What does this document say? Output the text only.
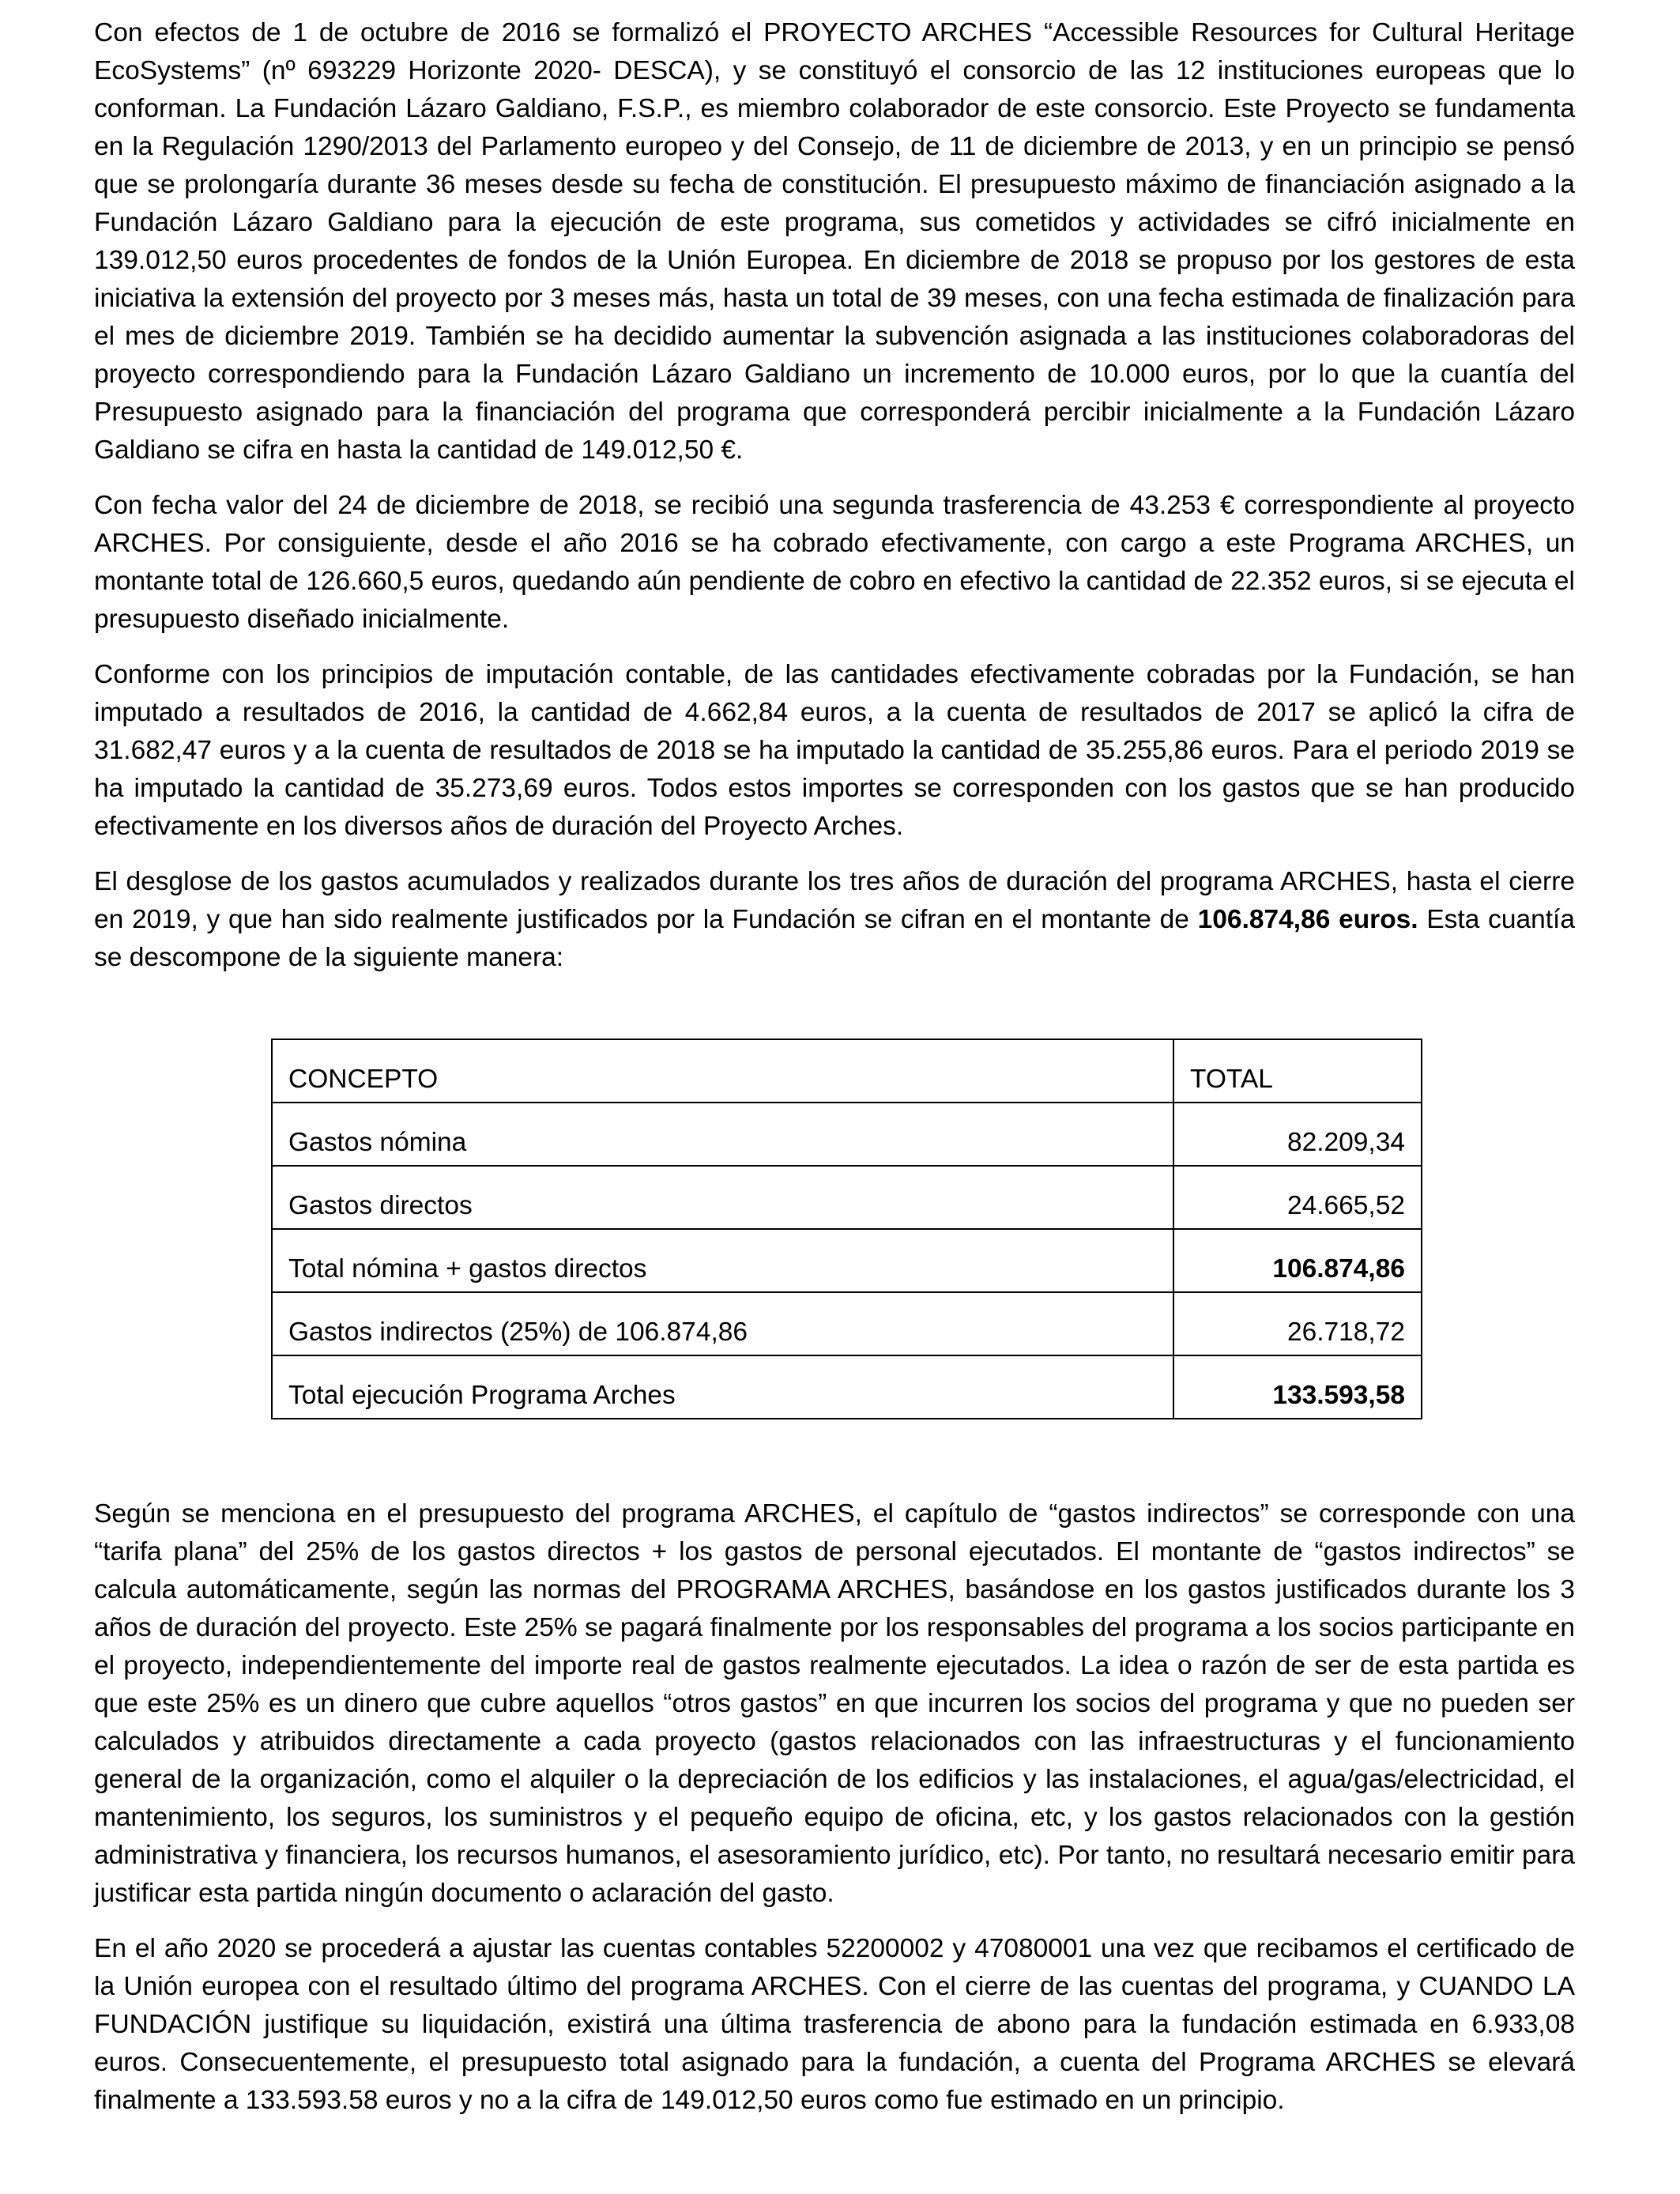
Con efectos de 1 de octubre de 2016 se formalizó el PROYECTO ARCHES “Accessible Resources for Cultural Heritage EcoSystems” (nº 693229 Horizonte 2020- DESCA), y se constituyó el consorcio de las 12 instituciones europeas que lo conforman. La Fundación Lázaro Galdiano, F.S.P., es miembro colaborador de este consorcio. Este Proyecto se fundamenta en la Regulación 1290/2013 del Parlamento europeo y del Consejo, de 11 de diciembre de 2013, y en un principio se pensó que se prolongaría durante 36 meses desde su fecha de constitución. El presupuesto máximo de financiación asignado a la Fundación Lázaro Galdiano para la ejecución de este programa, sus cometidos y actividades se cifró inicialmente en 139.012,50 euros procedentes de fondos de la Unión Europea. En diciembre de 2018 se propuso por los gestores de esta iniciativa la extensión del proyecto por 3 meses más, hasta un total de 39 meses, con una fecha estimada de finalización para el mes de diciembre 2019. También se ha decidido aumentar la subvención asignada a las instituciones colaboradoras del proyecto correspondiendo para la Fundación Lázaro Galdiano un incremento de 10.000 euros, por lo que la cuantía del Presupuesto asignado para la financiación del programa que corresponderá percibir inicialmente a la Fundación Lázaro Galdiano se cifra en hasta la cantidad de 149.012,50 €.

Con fecha valor del 24 de diciembre de 2018, se recibió una segunda trasferencia de 43.253 € correspondiente al proyecto ARCHES. Por consiguiente, desde el año 2016 se ha cobrado efectivamente, con cargo a este Programa ARCHES, un montante total de 126.660,5 euros, quedando aún pendiente de cobro en efectivo la cantidad de 22.352 euros, si se ejecuta el presupuesto diseñado inicialmente.

Conforme con los principios de imputación contable, de las cantidades efectivamente cobradas por la Fundación, se han imputado a resultados de 2016, la cantidad de 4.662,84 euros, a la cuenta de resultados de 2017 se aplicó la cifra de 31.682,47 euros y a la cuenta de resultados de 2018 se ha imputado la cantidad de 35.255,86 euros. Para el periodo 2019 se ha imputado la cantidad de 35.273,69 euros. Todos estos importes se corresponden con los gastos que se han producido efectivamente en los diversos años de duración del Proyecto Arches.

El desglose de los gastos acumulados y realizados durante los tres años de duración del programa ARCHES, hasta el cierre en 2019, y que han sido realmente justificados por la Fundación se cifran en el montante de 106.874,86 euros. Esta cuantía se descompone de la siguiente manera:

CONCEPTO	TOTAL
Gastos nómina	82.209,34
Gastos directos	24.665,52
Total nómina + gastos directos	106.874,86
Gastos indirectos (25%) de 106.874,86	26.718,72
Total ejecución Programa Arches	133.593,58

Según se menciona en el presupuesto del programa ARCHES, el capítulo de “gastos indirectos” se corresponde con una “tarifa plana” del 25% de los gastos directos + los gastos de personal ejecutados. El montante de “gastos indirectos” se calcula automáticamente, según las normas del PROGRAMA ARCHES, basándose en los gastos justificados durante los 3 años de duración del proyecto. Este 25% se pagará finalmente por los responsables del programa a los socios participante en el proyecto, independientemente del importe real de gastos realmente ejecutados. La idea o razón de ser de esta partida es que este 25% es un dinero que cubre aquellos “otros gastos” en que incurren los socios del programa y que no pueden ser calculados y atribuidos directamente a cada proyecto (gastos relacionados con las infraestructuras y el funcionamiento general de la organización, como el alquiler o la depreciación de los edificios y las instalaciones, el agua/gas/electricidad, el mantenimiento, los seguros, los suministros y el pequeño equipo de oficina, etc, y los gastos relacionados con la gestión administrativa y financiera, los recursos humanos, el asesoramiento jurídico, etc). Por tanto, no resultará necesario emitir para justificar esta partida ningún documento o aclaración del gasto.

En el año 2020 se procederá a ajustar las cuentas contables 52200002 y 47080001 una vez que recibamos el certificado de la Unión europea con el resultado último del programa ARCHES. Con el cierre de las cuentas del programa, y CUANDO LA FUNDACIÓN justifique su liquidación, existirá una última trasferencia de abono para la fundación estimada en 6.933,08 euros. Consecuentemente, el presupuesto total asignado para la fundación, a cuenta del Programa ARCHES se elevará finalmente a 133.593.58 euros y no a la cifra de 149.012,50 euros como fue estimado en un principio.
